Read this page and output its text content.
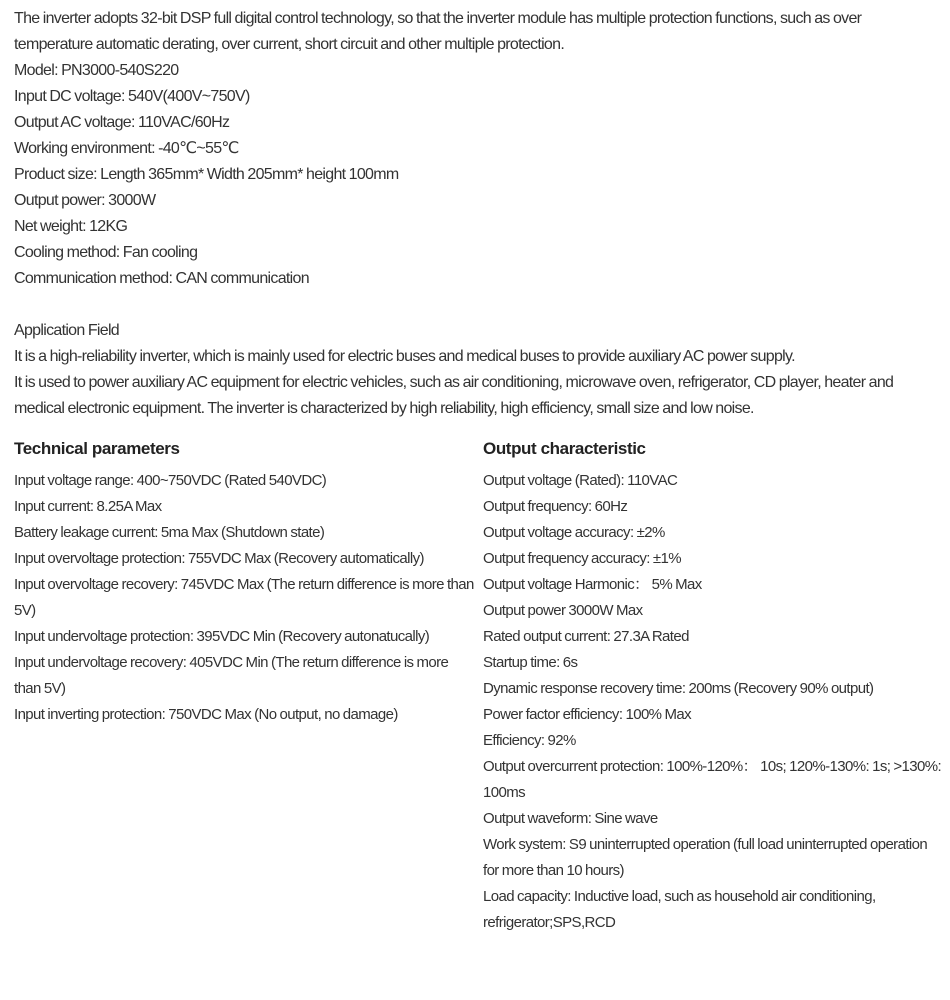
The inverter adopts 32-bit DSP full digital control technology, so that the inverter module has multiple protection functions, such as over temperature automatic derating, over current, short circuit and other multiple protection.

Model: PN3000-540S220
Input DC voltage: 540V(400V~750V)
Output AC voltage: 110VAC/60Hz
Working environment: -40℃~55℃
Product size: Length 365mm* Width 205mm* height 100mm
Output power: 3000W
Net weight: 12KG
Cooling method: Fan cooling
Communication method: CAN communication
Application Field

It is a high-reliability inverter, which is mainly used for electric buses and medical buses to provide auxiliary AC power supply.

It is used to power auxiliary AC equipment for electric vehicles, such as air conditioning, microwave oven, refrigerator, CD player, heater and medical electronic equipment. The inverter is characterized by high reliability, high efficiency, small size and low noise.

Technical parameters
Input voltage range: 400~750VDC (Rated 540VDC)
Input current: 8.25A Max
Battery leakage current: 5ma Max (Shutdown state)
Input overvoltage protection: 755VDC Max (Recovery automatically)
Input overvoltage recovery: 745VDC Max (The return difference is more than 5V)
Input undervoltage protection: 395VDC Min (Recovery autonatucally)
Input undervoltage recovery: 405VDC Min (The return difference is more than 5V)
Input inverting protection: 750VDC Max (No output, no damage)
Output characteristic
Output voltage (Rated): 110VAC
Output frequency: 60Hz
Output voltage accuracy: ±2%
Output frequency accuracy: ±1%
Output voltage Harmonic： 5% Max
Output power 3000W Max
Rated output current: 27.3A Rated
Startup time: 6s
Dynamic response recovery time: 200ms (Recovery 90% output)
Power factor efficiency: 100% Max
Efficiency: 92%
Output overcurrent protection: 100%-120%： 10s; 120%-130%: 1s; >130%: 100ms
Output waveform: Sine wave
Work system: S9 uninterrupted operation (full load uninterrupted operation for more than 10 hours)
Load capacity: Inductive load, such as household air conditioning, refrigerator;SPS,RCD
